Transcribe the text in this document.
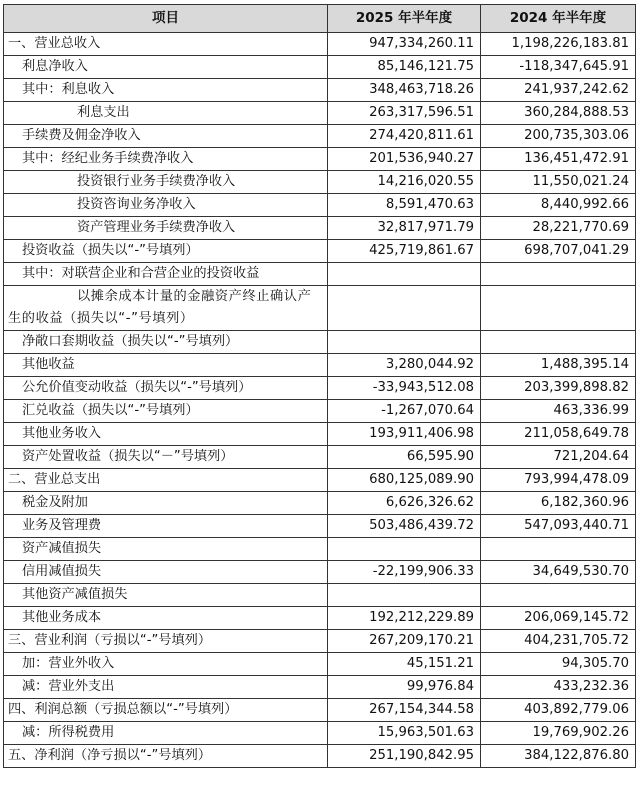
项目	2025 年半年度	2024 年半年度
一、营业总收入	947,334,260.11	1,198,226,183.81
利息净收入	85,146,121.75	-118,347,645.91
其中：利息收入	348,463,718.26	241,937,242.62
利息支出	263,317,596.51	360,284,888.53
手续费及佣金净收入	274,420,811.61	200,735,303.06
其中：经纪业务手续费净收入	201,536,940.27	136,451,472.91
投资银行业务手续费净收入	14,216,020.55	11,550,021.24
投资咨询业务净收入	8,591,470.63	8,440,992.66
资产管理业务手续费净收入	32,817,971.79	28,221,770.69
投资收益（损失以“-”号填列）	425,719,861.67	698,707,041.29
其中：对联营企业和合营企业的投资收益		
以摊余成本计量的金融资产终止确认产生的收益（损失以“-”号填列）		
净敞口套期收益（损失以“-”号填列）		
其他收益	3,280,044.92	1,488,395.14
公允价值变动收益（损失以“-”号填列）	-33,943,512.08	203,399,898.82
汇兑收益（损失以“-”号填列）	-1,267,070.64	463,336.99
其他业务收入	193,911,406.98	211,058,649.78
资产处置收益（损失以“－”号填列）	66,595.90	721,204.64
二、营业总支出	680,125,089.90	793,994,478.09
税金及附加	6,626,326.62	6,182,360.96
业务及管理费	503,486,439.72	547,093,440.71
资产减值损失		
信用减值损失	-22,199,906.33	34,649,530.70
其他资产减值损失		
其他业务成本	192,212,229.89	206,069,145.72
三、营业利润（亏损以“-”号填列）	267,209,170.21	404,231,705.72
加：营业外收入	45,151.21	94,305.70
减：营业外支出	99,976.84	433,232.36
四、利润总额（亏损总额以“-”号填列）	267,154,344.58	403,892,779.06
减：所得税费用	15,963,501.63	19,769,902.26
五、净利润（净亏损以“-”号填列）	251,190,842.95	384,122,876.80
